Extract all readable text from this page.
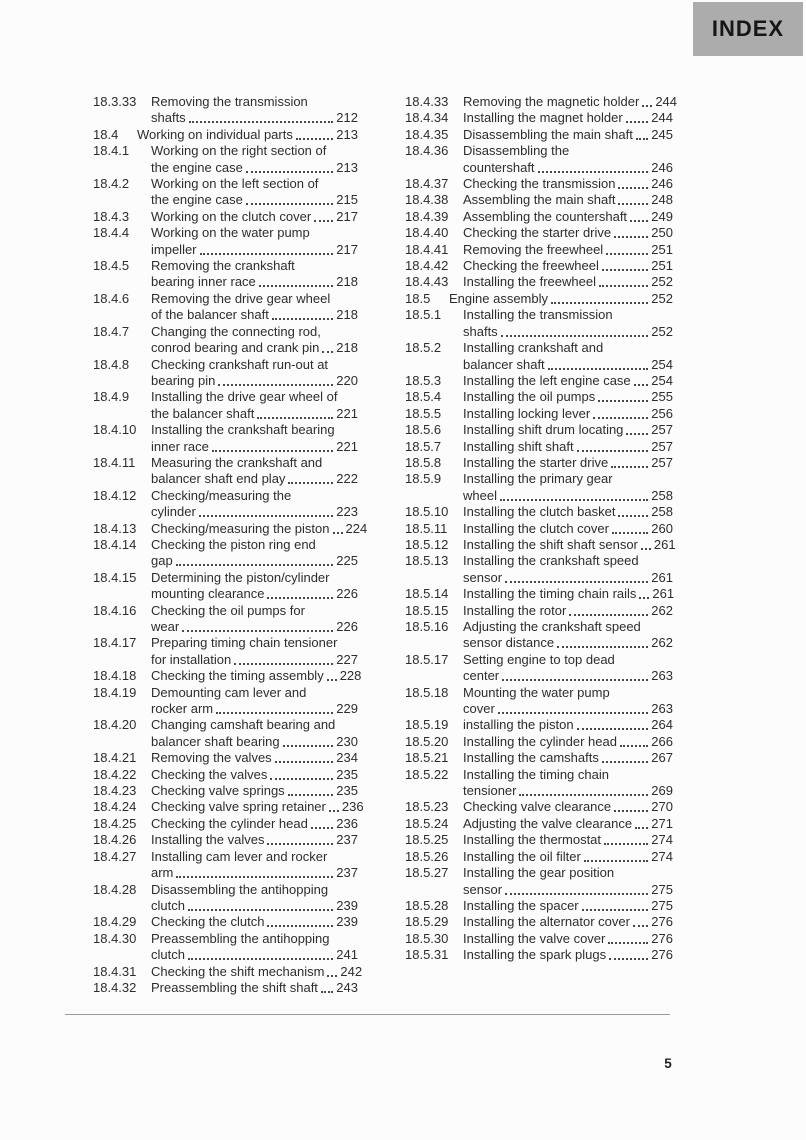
INDEX
18.3.33	Removing the transmission
shafts	212
18.4	Working on individual parts	213
18.4.1	Working on the right section of
the engine case	213
18.4.2	Working on the left section of
the engine case	215
18.4.3	Working on the clutch cover 217
18.4.4	Working on the water pump
impeller	217
18.4.5	Removing the crankshaft
bearing inner race	218
18.4.6	Removing the drive gear wheel
of the balancer shaft	218
18.4.7	Changing the connecting rod,
conrod bearing and crank pin 218
18.4.8	Checking crankshaft run-out at
bearing pin	220
18.4.9	Installing the drive gear wheel of
the balancer shaft	221
18.4.10	Installing the crankshaft bearing
inner race	221
18.4.11	Measuring the crankshaft and
balancer shaft end play	222
18.4.12	Checking/measuring the
cylinder	223
18.4.13	Checking/measuring the piston 224
18.4.14	Checking the piston ring end
gap	225
18.4.15	Determining the piston/cylinder
mounting clearance	226
18.4.16	Checking the oil pumps for
wear	226
18.4.17	Preparing timing chain tensioner
for installation	227
18.4.18	Checking the timing assembly 228
18.4.19	Demounting cam lever and
rocker arm	229
18.4.20	Changing camshaft bearing and
balancer shaft bearing	230
18.4.21	Removing the valves	234
18.4.22	Checking the valves	235
18.4.23	Checking valve springs	235
18.4.24	Checking valve spring retainer 236
18.4.25	Checking the cylinder head 236
18.4.26	Installing the valves	237
18.4.27	Installing cam lever and rocker
arm	237
18.4.28	Disassembling the antihopping
clutch	239
18.4.29	Checking the clutch	239
18.4.30	Preassembling the antihopping
clutch	241
18.4.31	Checking the shift mechanism 242
18.4.32	Preassembling the shift shaft 243
18.4.33	Removing the magnetic holder 244
18.4.34	Installing the magnet holder 244
18.4.35	Disassembling the main shaft 245
18.4.36	Disassembling the
countershaft	246
18.4.37	Checking the transmission	246
18.4.38	Assembling the main shaft	248
18.4.39	Assembling the countershaft 249
18.4.40	Checking the starter drive	250
18.4.41	Removing the freewheel	251
18.4.42	Checking the freewheel	251
18.4.43	Installing the freewheel	252
18.5	Engine assembly	252
18.5.1	Installing the transmission
shafts	252
18.5.2	Installing crankshaft and
balancer shaft	254
18.5.3	Installing the left engine case 254
18.5.4	Installing the oil pumps	255
18.5.5	Installing locking lever	256
18.5.6	Installing shift drum locating 257
18.5.7	Installing shift shaft	257
18.5.8	Installing the starter drive	257
18.5.9	Installing the primary gear
wheel	258
18.5.10	Installing the clutch basket	258
18.5.11	Installing the clutch cover	260
18.5.12	Installing the shift shaft sensor 261
18.5.13	Installing the crankshaft speed
sensor	261
18.5.14	Installing the timing chain rails 261
18.5.15	Installing the rotor	262
18.5.16	Adjusting the crankshaft speed
sensor distance	262
18.5.17	Setting engine to top dead
center	263
18.5.18	Mounting the water pump
cover	263
18.5.19	installing the piston	264
18.5.20	Installing the cylinder head	266
18.5.21	Installing the camshafts	267
18.5.22	Installing the timing chain
tensioner	269
18.5.23	Checking valve clearance	270
18.5.24	Adjusting the valve clearance 271
18.5.25	Installing the thermostat	274
18.5.26	Installing the oil filter	274
18.5.27	Installing the gear position
sensor	275
18.5.28	Installing the spacer	275
18.5.29	Installing the alternator cover 276
18.5.30	Installing the valve cover	276
18.5.31	Installing the spark plugs	276
5
